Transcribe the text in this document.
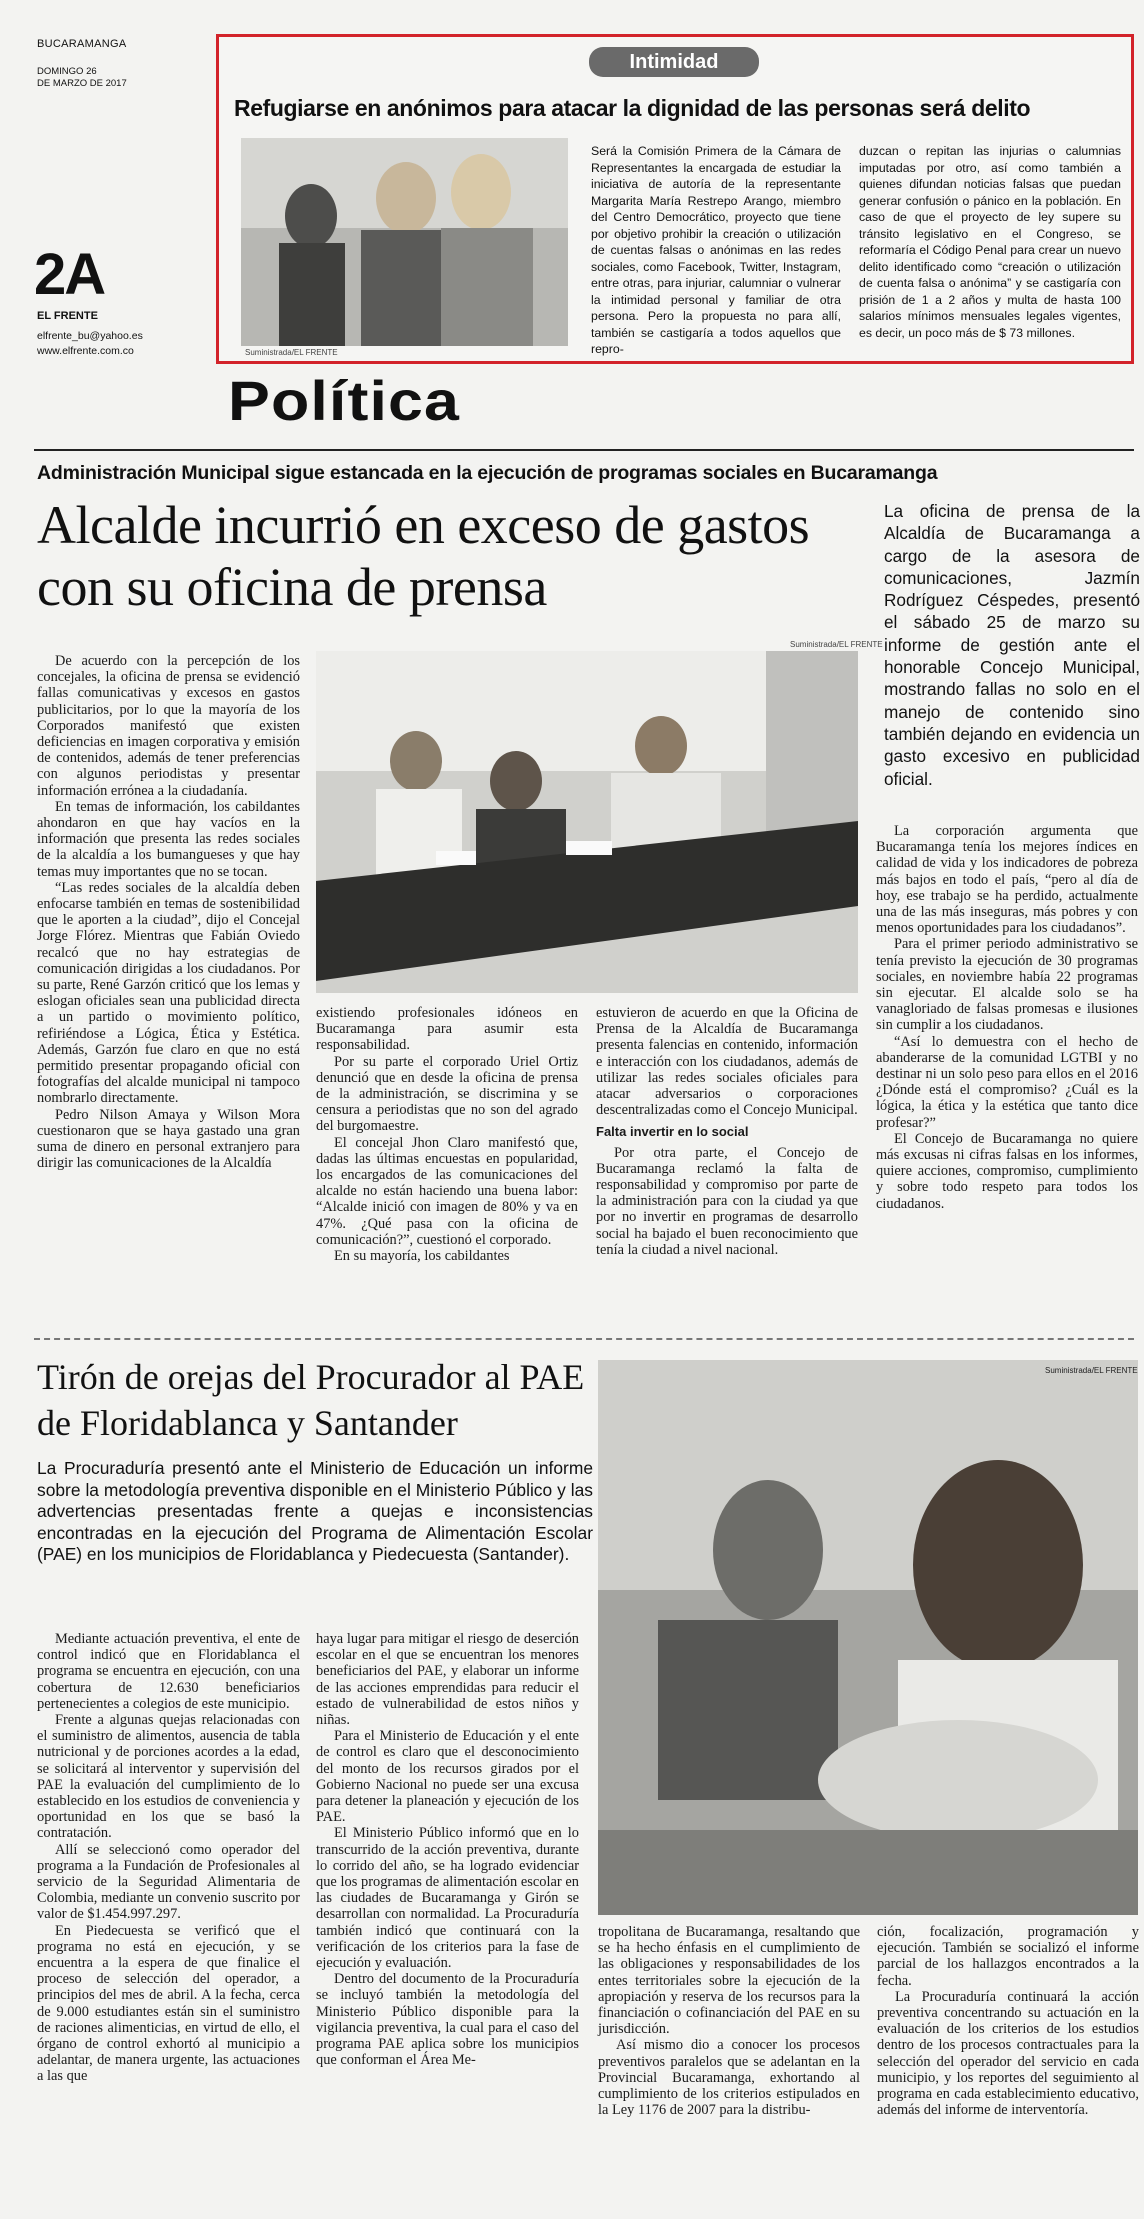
BUCARAMANGA
DOMINGO 26
DE MARZO DE 2017
2A
EL FRENTE
elfrente_bu@yahoo.es
www.elfrente.com.co
Intimidad
Refugiarse en anónimos para atacar la dignidad de las personas será delito
Suministrada/EL FRENTE
Será la Comisión Primera de la Cámara de Representantes la encargada de estudiar la iniciativa de autoría de la representante Margarita María Restrepo Arango, miembro del Centro Democrático, proyecto que tiene por objetivo prohibir la creación o utilización de cuentas falsas o anónimas en las redes sociales, como Facebook, Twitter, Instagram, entre otras, para injuriar, calumniar o vulnerar la intimidad personal y familiar de otra persona. Pero la propuesta no para allí, también se castigaría a todos aquellos que repro-
duzcan o repitan las injurias o calumnias imputadas por otro, así como también a quienes difundan noticias falsas que puedan generar confusión o pánico en la población. En caso de que el proyecto de ley supere su tránsito legislativo en el Congreso, se reformaría el Código Penal para crear un nuevo delito identificado como “creación o utilización de cuenta falsa o anónima” y se castigaría con prisión de 1 a 2 años y multa de hasta 100 salarios mínimos mensuales legales vigentes, es decir, un poco más de $ 73 millones.
Política
Administración Municipal sigue estancada en la ejecución de programas sociales en Bucaramanga
Alcalde incurrió en exceso de gastos con su oficina de prensa
La oficina de prensa de la Alcaldía de Bucaramanga a cargo de la asesora de comunicaciones, Jazmín Rodríguez Céspedes, presentó el sábado 25 de marzo su informe de gestión ante el honorable Concejo Municipal, mostrando fallas no solo en el manejo de contenido sino también dejando en evidencia un gasto excesivo en publicidad oficial.
Suministrada/EL FRENTE

De acuerdo con la percepción de los concejales, la oficina de prensa se evidenció fallas comunicativas y excesos en gastos publicitarios, por lo que la mayoría de los Corporados manifestó que existen deficiencias en imagen corporativa y emisión de contenidos, además de tener preferencias con algunos periodistas y presentar información errónea a la ciudadanía.

En temas de información, los cabildantes ahondaron en que hay vacíos en la información que presenta las redes sociales de la alcaldía a los bumangueses y que hay temas muy importantes que no se tocan.

“Las redes sociales de la alcaldía deben enfocarse también en temas de sostenibilidad que le aporten a la ciudad”, dijo el Concejal Jorge Flórez. Mientras que Fabián Oviedo recalcó que no hay estrategias de comunicación dirigidas a los ciudadanos. Por su parte, René Garzón criticó que los lemas y eslogan oficiales sean una publicidad directa a un partido o movimiento político, refiriéndose a Lógica, Ética y Estética. Además, Garzón fue claro en que no está permitido presentar propagando oficial con fotografías del alcalde municipal ni tampoco nombrarlo directamente.

Pedro Nilson Amaya y Wilson Mora cuestionaron que se haya gastado una gran suma de dinero en personal extranjero para dirigir las comunicaciones de la Alcaldía

existiendo profesionales idóneos en Bucaramanga para asumir esta responsabilidad.

Por su parte el corporado Uriel Ortiz denunció que en desde la oficina de prensa de la administración, se discrimina y se censura a periodistas que no son del agrado del burgomaestre.

El concejal Jhon Claro manifestó que, dadas las últimas encuestas en popularidad, los encargados de las comunicaciones del alcalde no están haciendo una buena labor: “Alcalde inició con imagen de 80% y va en 47%. ¿Qué pasa con la oficina de comunicación?”, cuestionó el corporado.

En su mayoría, los cabildantes

estuvieron de acuerdo en que la Oficina de Prensa de la Alcaldía de Bucaramanga presenta falencias en contenido, información e interacción con los ciudadanos, además de utilizar las redes sociales oficiales para atacar adversarios o corporaciones descentralizadas como el Concejo Municipal.

Falta invertir en lo social

Por otra parte, el Concejo de Bucaramanga reclamó la falta de responsabilidad y compromiso por parte de la administración para con la ciudad ya que por no invertir en programas de desarrollo social ha bajado el buen reconocimiento que tenía la ciudad a nivel nacional.

La corporación argumenta que Bucaramanga tenía los mejores índices en calidad de vida y los indicadores de pobreza más bajos en todo el país, “pero al día de hoy, ese trabajo se ha perdido, actualmente una de las más inseguras, más pobres y con menos oportunidades para los ciudadanos”.

Para el primer periodo administrativo se tenía previsto la ejecución de 30 programas sociales, en noviembre había 22 programas sin ejecutar. El alcalde solo se ha vanagloriado de falsas promesas e ilusiones sin cumplir a los ciudadanos.

“Así lo demuestra con el hecho de abanderarse de la comunidad LGTBI y no destinar ni un solo peso para ellos en el 2016 ¿Dónde está el compromiso? ¿Cuál es la lógica, la ética y la estética que tanto dice profesar?”

El Concejo de Bucaramanga no quiere más excusas ni cifras falsas en los informes, quiere acciones, compromiso, cumplimiento y sobre todo respeto para todos los ciudadanos.

Tirón de orejas del Procurador al PAE de Floridablanca y Santander
La Procuraduría presentó ante el Ministerio de Educación un informe sobre la metodología preventiva disponible en el Ministerio Público y las advertencias presentadas frente a quejas e inconsistencias encontradas en la ejecución del Programa de Alimentación Escolar (PAE) en los municipios de Floridablanca y Piedecuesta (Santander).
Suministrada/EL FRENTE

Mediante actuación preventiva, el ente de control indicó que en Floridablanca el programa se encuentra en ejecución, con una cobertura de 12.630 beneficiarios pertenecientes a colegios de este municipio.

Frente a algunas quejas relacionadas con el suministro de alimentos, ausencia de tabla nutricional y de porciones acordes a la edad, se solicitará al interventor y supervisión del PAE la evaluación del cumplimiento de lo establecido en los estudios de conveniencia y oportunidad en los que se basó la contratación.

Allí se seleccionó como operador del programa a la Fundación de Profesionales al servicio de la Seguridad Alimentaria de Colombia, mediante un convenio suscrito por valor de $1.454.997.297.

En Piedecuesta se verificó que el programa no está en ejecución, y se encuentra a la espera de que finalice el proceso de selección del operador, a principios del mes de abril. A la fecha, cerca de 9.000 estudiantes están sin el suministro de raciones alimenticias, en virtud de ello, el órgano de control exhortó al municipio a adelantar, de manera urgente, las actuaciones a las que

haya lugar para mitigar el riesgo de deserción escolar en el que se encuentran los menores beneficiarios del PAE, y elaborar un informe de las acciones emprendidas para reducir el estado de vulnerabilidad de estos niños y niñas.

Para el Ministerio de Educación y el ente de control es claro que el desconocimiento del monto de los recursos girados por el Gobierno Nacional no puede ser una excusa para detener la planeación y ejecución de los PAE.

El Ministerio Público informó que en lo transcurrido de la acción preventiva, durante lo corrido del año, se ha logrado evidenciar que los programas de alimentación escolar en las ciudades de Bucaramanga y Girón se desarrollan con normalidad. La Procuraduría también indicó que continuará con la verificación de los criterios para la fase de ejecución y evaluación.

Dentro del documento de la Procuraduría se incluyó también la metodología del Ministerio Público disponible para la vigilancia preventiva, la cual para el caso del programa PAE aplica sobre los municipios que conforman el Área Me-

tropolitana de Bucaramanga, resaltando que se ha hecho énfasis en el cumplimiento de las obligaciones y responsabilidades de los entes territoriales sobre la ejecución de la apropiación y reserva de los recursos para la financiación o cofinanciación del PAE en su jurisdicción.

Así mismo dio a conocer los procesos preventivos paralelos que se adelantan en la Provincial Bucaramanga, exhortando al cumplimiento de los criterios estipulados en la Ley 1176 de 2007 para la distribu-

ción, focalización, programación y ejecución. También se socializó el informe parcial de los hallazgos encontrados a la fecha.

La Procuraduría continuará la acción preventiva concentrando su actuación en la evaluación de los criterios de los estudios dentro de los procesos contractuales para la selección del operador del servicio en cada municipio, y los reportes del seguimiento al programa en cada establecimiento educativo, además del informe de interventoría.
